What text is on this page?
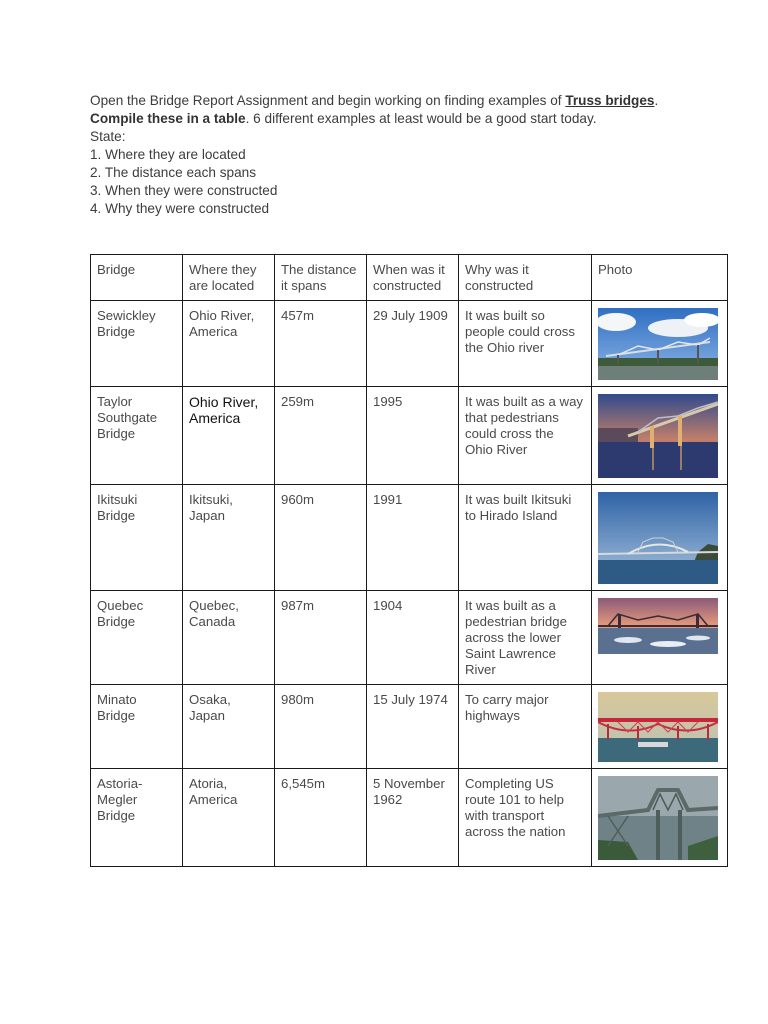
Open the Bridge Report Assignment and begin working on finding examples of Truss bridges.

Compile these in a table. 6 different examples at least would be a good start today.

State:

1. Where they are located

2. The distance each spans

3. When they were constructed

4. Why they were constructed

Bridge	Where they are located	The distance it spans	When was it constructed	Why was it constructed	Photo
Sewickley Bridge	Ohio River, America	457m	29 July 1909	It was built so people could cross the Ohio river	

Taylor Southgate Bridge	Ohio River, America	259m	1995	It was built as a way that pedestrians could cross the Ohio River	

Ikitsuki Bridge	Ikitsuki, Japan	960m	1991	It was built Ikitsuki to Hirado Island	

Quebec Bridge	Quebec, Canada	987m	1904	It was built as a pedestrian bridge across the lower Saint Lawrence River	

Minato Bridge	Osaka, Japan	980m	15 July 1974	To carry major highways	

Astoria-Megler Bridge	Atoria, America	6,545m	5 November 1962	Completing US route 101 to help with transport across the nation	
